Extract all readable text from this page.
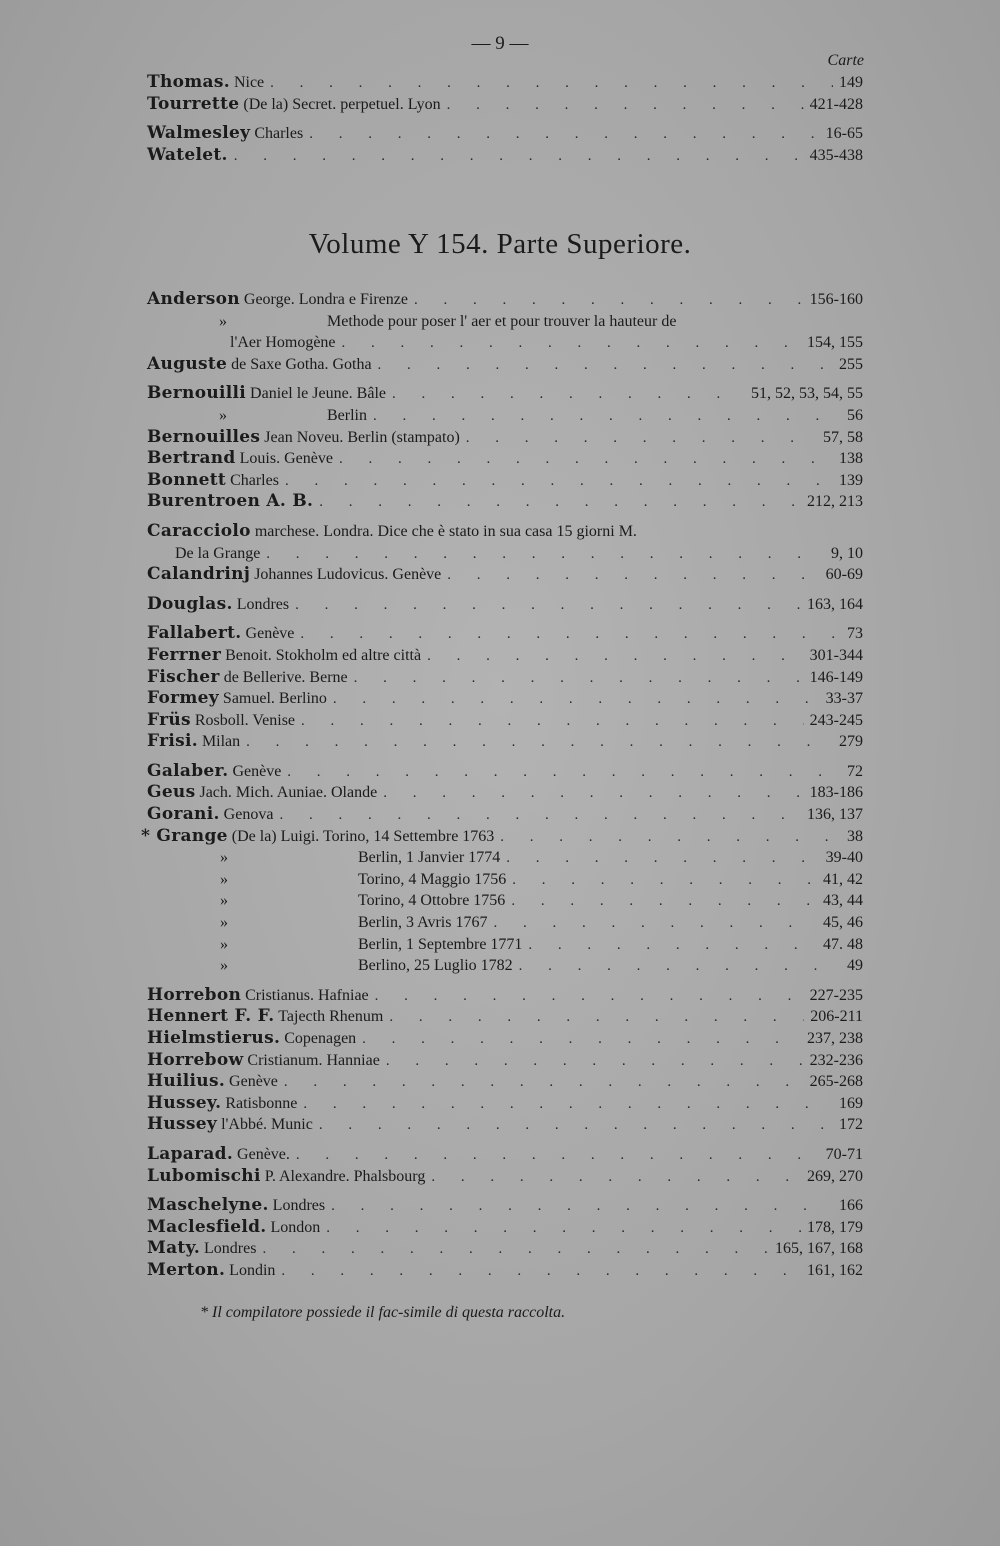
— 9 —
Carte
Thomas. Nice . . .	149
Tourrette (De la) Secret. perpetuel. Lyon . . .	421-428
Walmesley Charles . . .	16-65
Watelet. . . .	435-438
Volume Y 154. Parte Superiore.
Anderson George. Londra e Firenze . . .	156-160
»	Methode pour poser l' aer et pour trouver la hauteur de
l'Aer Homogène . . .	154, 155
Auguste de Saxe Gotha. Gotha . . .	255
Bernouilli Daniel le Jeune. Bâle . . .	51, 52, 53, 54, 55
»	Berlin . . .	56
Bernouilles Jean Noveu. Berlin (stampato) . . .	57, 58
Bertrand Louis. Genève . . .	138
Bonnett Charles . . .	139
Burentroen A. B. . . .	212, 213
Caracciolo marchese. Londra. Dice che è stato in sua casa 15 giorni M.
De la Grange . . .	9, 10
Calandrinj Johannes Ludovicus. Genève . . .	60-69
Douglas. Londres . . .	163, 164
Fallabert. Genève . . .	73
Ferrner Benoit. Stokholm ed altre città . . .	301-344
Fischer de Bellerive. Berne . . .	146-149
Formey Samuel. Berlino . . .	33-37
Früs Rosboll. Venise . . .	243-245
Frisi. Milan . . .	279
Galaber. Genève . . .	72
Geus Jach. Mich. Auniae. Olande . . .	183-186
Gorani. Genova . . .	136, 137
* Grange (De la) Luigi. Torino, 14 Settembre 1763 . . .	38
»	Berlin, 1 Janvier 1774 . . .	39-40
»	Torino, 4 Maggio 1756 . . .	41, 42
»	Torino, 4 Ottobre 1756 . . .	43, 44
»	Berlin, 3 Avris 1767 . . .	45, 46
»	Berlin, 1 Septembre 1771 . . .	47. 48
»	Berlino, 25 Luglio 1782 . . .	49
Horrebon Cristianus. Hafniae . . .	227-235
Hennert F. F. Tajecth Rhenum . . .	206-211
Hielmstierus. Copenagen . . .	237, 238
Horrebow Cristianum. Hanniae . . .	232-236
Huilius. Genève . . .	265-268
Hussey. Ratisbonne . . .	169
Hussey l'Abbé. Munic . . .	172
Laparad. Genève. . . .	70-71
Lubomischi P. Alexandre. Phalsbourg . . .	269, 270
Maschelyne. Londres . . .	166
Maclesfield. London . . .	178, 179
Maty. Londres . . .	165, 167, 168
Merton. Londin . . .	161, 162
* Il compilatore possiede il fac-simile di questa raccolta.
